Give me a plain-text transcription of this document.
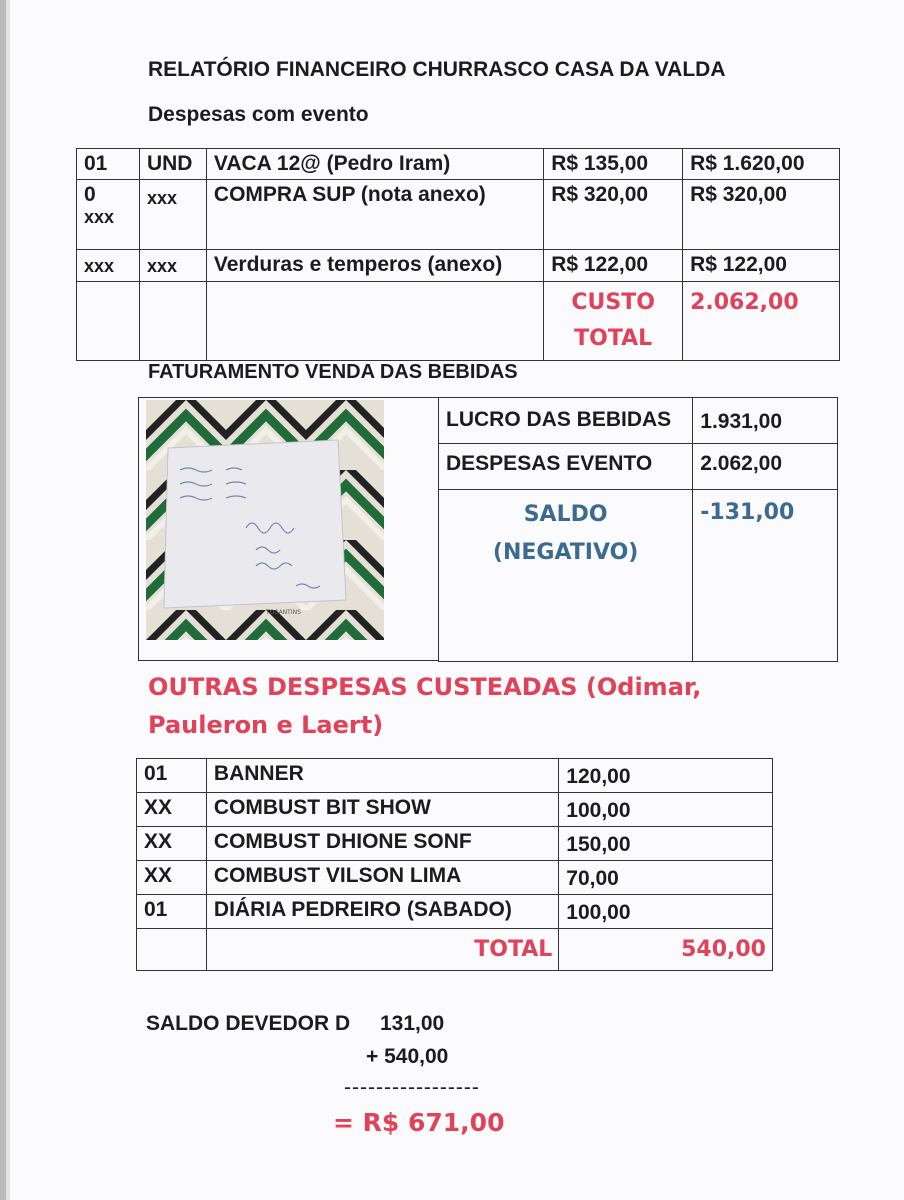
RELATÓRIO FINANCEIRO CHURRASCO CASA DA VALDA
Despesas com evento
01	UND	VACA 12@ (Pedro Iram)	R$ 135,00	R$ 1.620,00

0
xxx	xxx	COMPRA SUP (nota anexo)	R$ 320,00	R$ 320,00
xxx	xxx	Verduras e temperos (anexo)	R$ 122,00	R$ 122,00

			CUSTO
TOTAL	2.062,00
FATURAMENTO VENDA DAS BEBIDAS
TOCANTINS
LUCRO DAS BEBIDAS	1.931,00
DESPESAS EVENTO	2.062,00

SALDO
(NEGATIVO)	-131,00
OUTRAS DESPESAS CUSTEADAS (Odimar,
Pauleron e Laert)
01	BANNER	120,00
XX	COMBUST BIT SHOW	100,00
XX	COMBUST DHIONE SONF	150,00
XX	COMBUST VILSON LIMA	70,00
01	DIÁRIA PEDREIRO (SABADO)	100,00
	TOTAL	540,00
SALDO DEVEDOR D 131,00
+ 540,00
-----------------
= R$ 671,00
